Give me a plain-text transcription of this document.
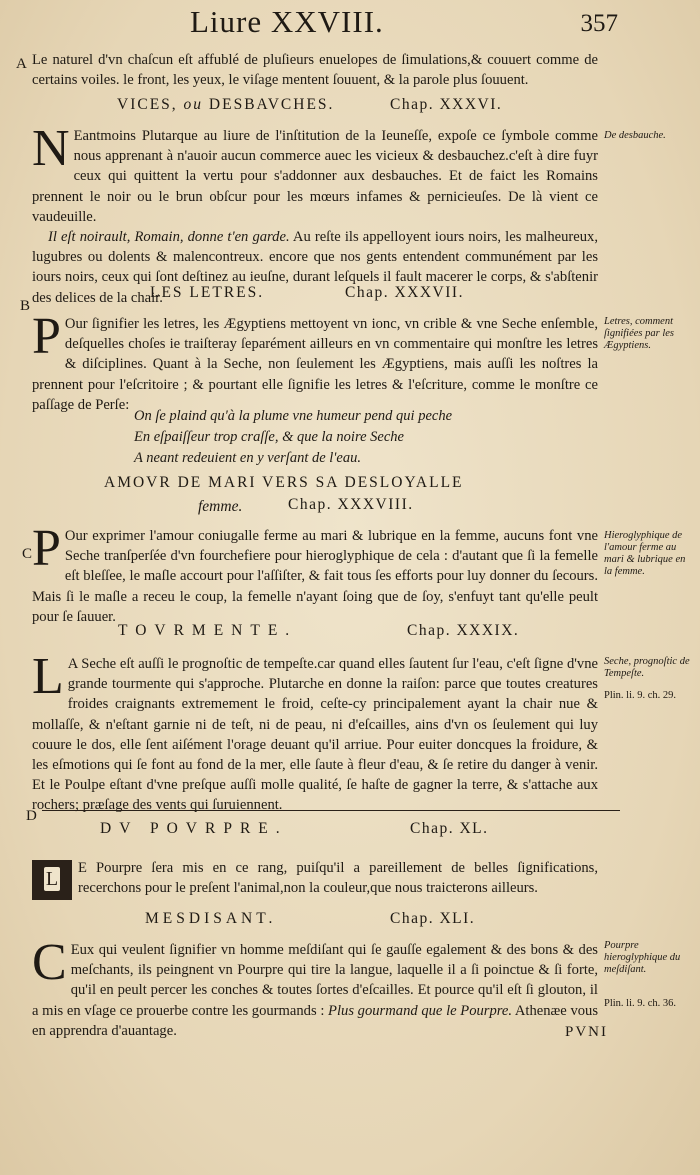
Liure XXVIII.	357
A
B
C
D
Le naturel d'vn chaſcun eſt affublé de pluſieurs enuelopes de ſimulations,& couuert comme de certains voiles. le front, les yeux, le viſage mentent ſouuent, & la parole plus ſouuent.
VICES, ou DESBAVCHES.	Chap. XXXVI.
N Eantmoins Plutarque au liure de l'inſtitution de la Ieuneſſe, expoſe ce ſymbole comme nous apprenant à n'auoir aucun commerce auec les vicieux & desbauchez.c'eſt à dire fuyr ceux qui quittent la vertu pour s'addonner aux desbauches. Et de faict les Romains prennent le noir ou le brun obſcur pour les mœurs infames & pernicieuſes. De là vient ce vaudeuille.
Il eſt noirault, Romain, donne t'en garde. Au reſte ils appelloyent iours noirs, les malheureux, lugubres ou dolents & malencontreux. encore que nos gents entendent communément par les iours noirs, ceux qui ſont deſtinez au ieuſne, durant leſquels il fault macerer le corps, & s'abſtenir des delices de la chair.
De desbauche.
LES LETRES.	Chap. XXXVII.
P Our ſignifier les letres, les Ægyptiens mettoyent vn ionc, vn crible & vne Seche enſemble, deſquelles choſes ie traiſteray ſeparément ailleurs en vn commentaire qui monſtre les letres & diſciplines. Quant à la Seche, non ſeulement les Ægyptiens, mais auſſi les noſtres la prennent pour l'eſcritoire ; & pourtant elle ſignifie les letres & l'eſcriture, comme le monſtre ce paſſage de Perſe:
Letres, comment ſignifiées par les Ægyptiens.
On ſe plaind qu'à la plume vne humeur pend qui peche
En eſpaiſſeur trop craſſe, & que la noire Seche
A neant redeuient en y verſant de l'eau.
AMOVR DE MARI VERS SA DESLOYALLE
femme.	Chap. XXXVIII.
P Our exprimer l'amour coniugalle ferme au mari & lubrique en la femme, aucuns font vne Seche tranſperſée d'vn fourchefiere pour hieroglyphique de cela : d'autant que ſi la femelle eſt bleſſee, le maſle accourt pour l'aſſiſter, & fait tous ſes efforts pour luy donner du ſecours. Mais ſi le maſle a receu le coup, la femelle n'ayant ſoing que de ſoy, s'enfuyt tant qu'elle peult pour ſe ſauuer.
Hieroglyphique de l'amour ferme au mari & lubrique en la femme.
TOVRMENTE.	Chap. XXXIX.
L A Seche eſt auſſi le prognoſtic de tempeſte.car quand elles ſautent ſur l'eau, c'eſt ſigne d'vne grande tourmente qui s'approche. Plutarche en donne la raiſon: parce que toutes creatures froides craignants extremement le froid, ceſte-cy principalement ayant la chair nue & mollaſſe, & n'eſtant garnie ni de teſt, ni de peau, ni d'eſcailles, ains d'vn os ſeulement qui luy couure le dos, elle ſent aiſément l'orage deuant qu'il arriue. Pour euiter doncques la froidure, & les eſmotions qui ſe font au fond de la mer, elle ſaute à fleur d'eau, & ſe retire du danger à venir. Et le Poulpe eſtant d'vne preſque auſſi molle qualité, ſe haſte de gagner la terre, & s'attache aux rochers; præſage des vents qui ſuruiennent.
Seche, prognoſtic de Tempeſte.
Plin. li. 9. ch. 29.
DV POVRPRE.	Chap. XL.
L E Pourpre ſera mis en ce rang, puiſqu'il a pareillement de belles ſignifications, recerchons pour le preſent l'animal,non la couleur,que nous traicterons ailleurs.
MESDISANT.	Chap. XLI.
C Eux qui veulent ſignifier vn homme meſdiſant qui ſe gauſſe egalement & des bons & des meſchants, ils peingnent vn Pourpre qui tire la langue, laquelle il a ſi poinctue & ſi forte, qu'il en peult percer les conches & toutes ſortes d'eſcailles. Et pource qu'il eſt ſi glouton, il a mis en vſage ce prouerbe contre les gourmands : Plus gourmand que le Pourpre. Athenæe vous en apprendra d'auantage.
Pourpre hieroglyphique du meſdiſant.
Plin. li. 9. ch. 36.
PVNI
